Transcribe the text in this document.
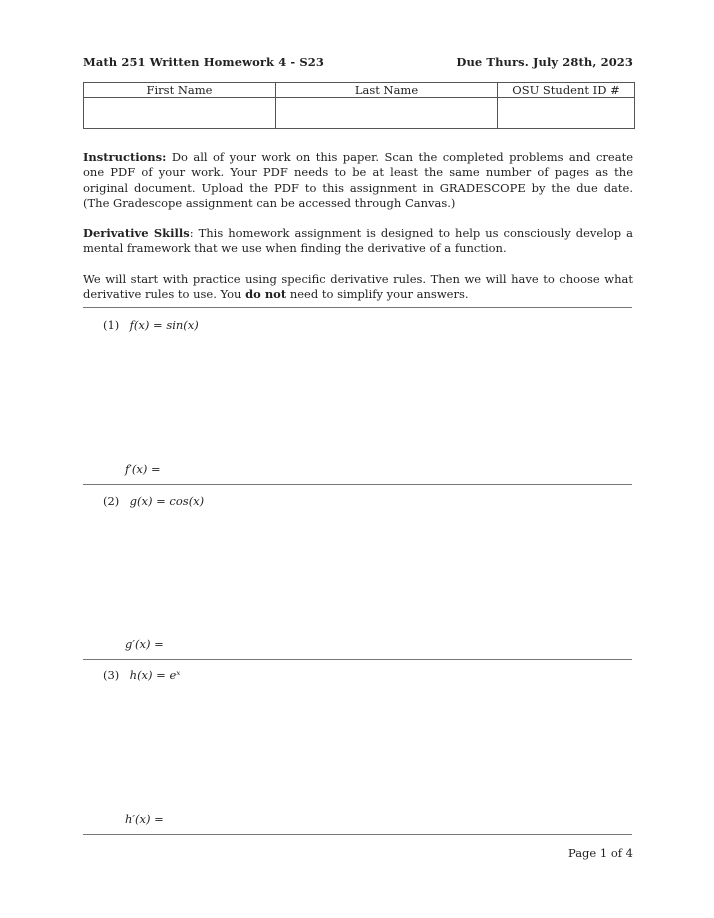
Math 251 Written Homework 4 - S23	Due Thurs. July 28th, 2023
First Name	Last Name	OSU Student ID #

Instructions: Do all of your work on this paper. Scan the completed problems and create one PDF of your work. Your PDF needs to be at least the same number of pages as the original document. Upload the PDF to this assignment in GRADESCOPE by the due date. (The Gradescope assignment can be accessed through Canvas.)
Derivative Skills: This homework assignment is designed to help us consciously develop a mental framework that we use when finding the derivative of a function.
We will start with practice using specific derivative rules. Then we will have to choose what derivative rules to use. You do not need to simplify your answers.
(1) f(x) = sin(x)
f′(x) =
(2) g(x) = cos(x)
g′(x) =
(3) h(x) = eˣ
h′(x) =
Page 1 of 4
